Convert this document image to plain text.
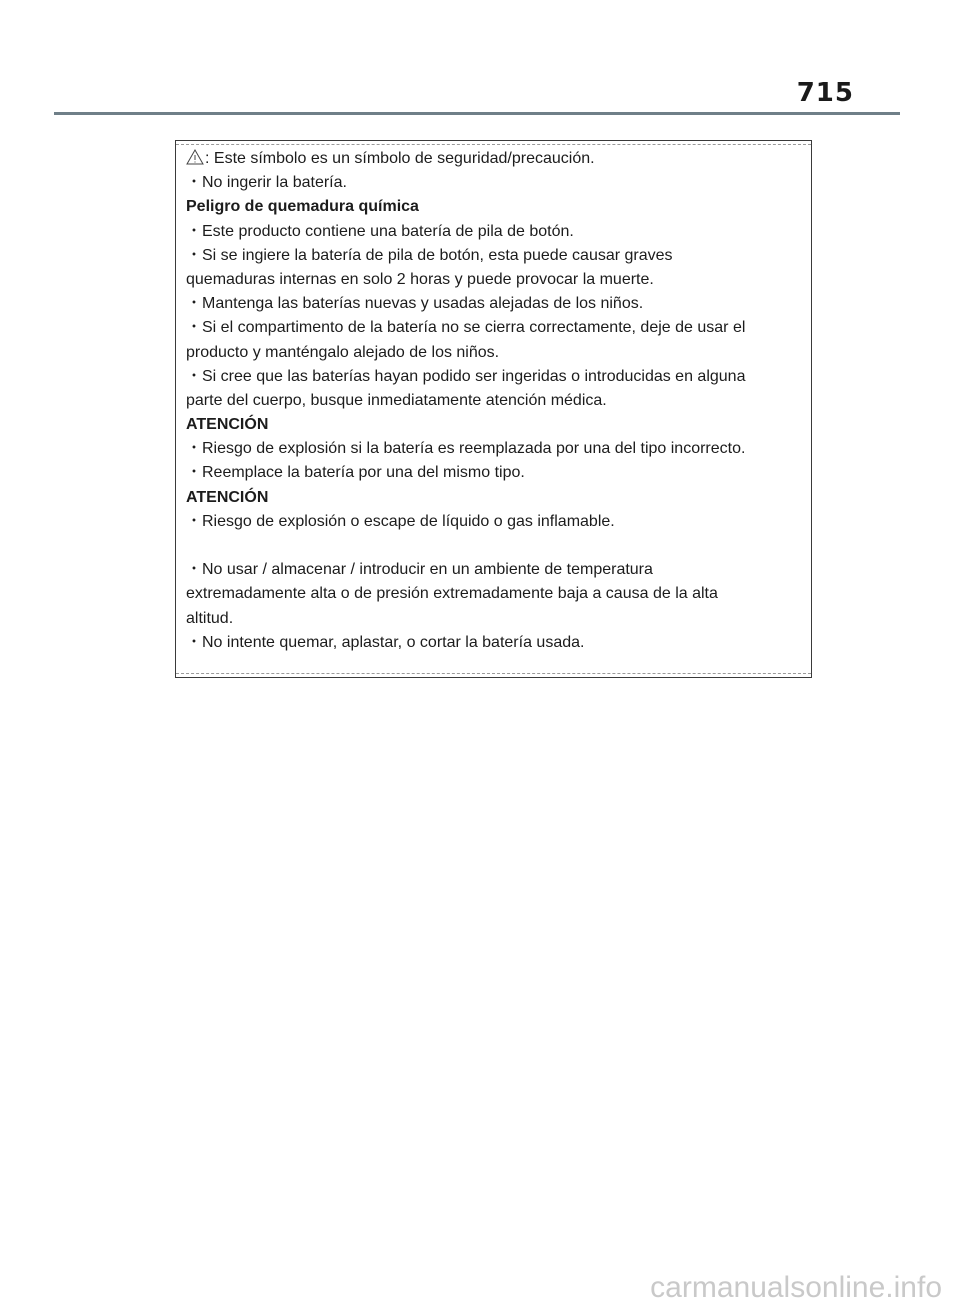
715
: Este símbolo es un símbolo de seguridad/precaución.
・No ingerir la batería.
Peligro de quemadura química
・Este producto contiene una batería de pila de botón.
・Si se ingiere la batería de pila de botón, esta puede causar graves
quemaduras internas en solo 2 horas y puede provocar la muerte.
・Mantenga las baterías nuevas y usadas alejadas de los niños.
・Si el compartimento de la batería no se cierra correctamente, deje de usar el
producto y manténgalo alejado de los niños.
・Si cree que las baterías hayan podido ser ingeridas o introducidas en alguna
parte del cuerpo, busque inmediatamente atención médica.
ATENCIÓN
・Riesgo de explosión si la batería es reemplazada por una del tipo incorrecto.
・Reemplace la batería por una del mismo tipo.
ATENCIÓN
・Riesgo de explosión o escape de líquido o gas inflamable.
・No usar / almacenar / introducir en un ambiente de temperatura
extremadamente alta o de presión extremadamente baja a causa de la alta
altitud.
・No intente quemar, aplastar, o cortar la batería usada.
carmanualsonline.info
